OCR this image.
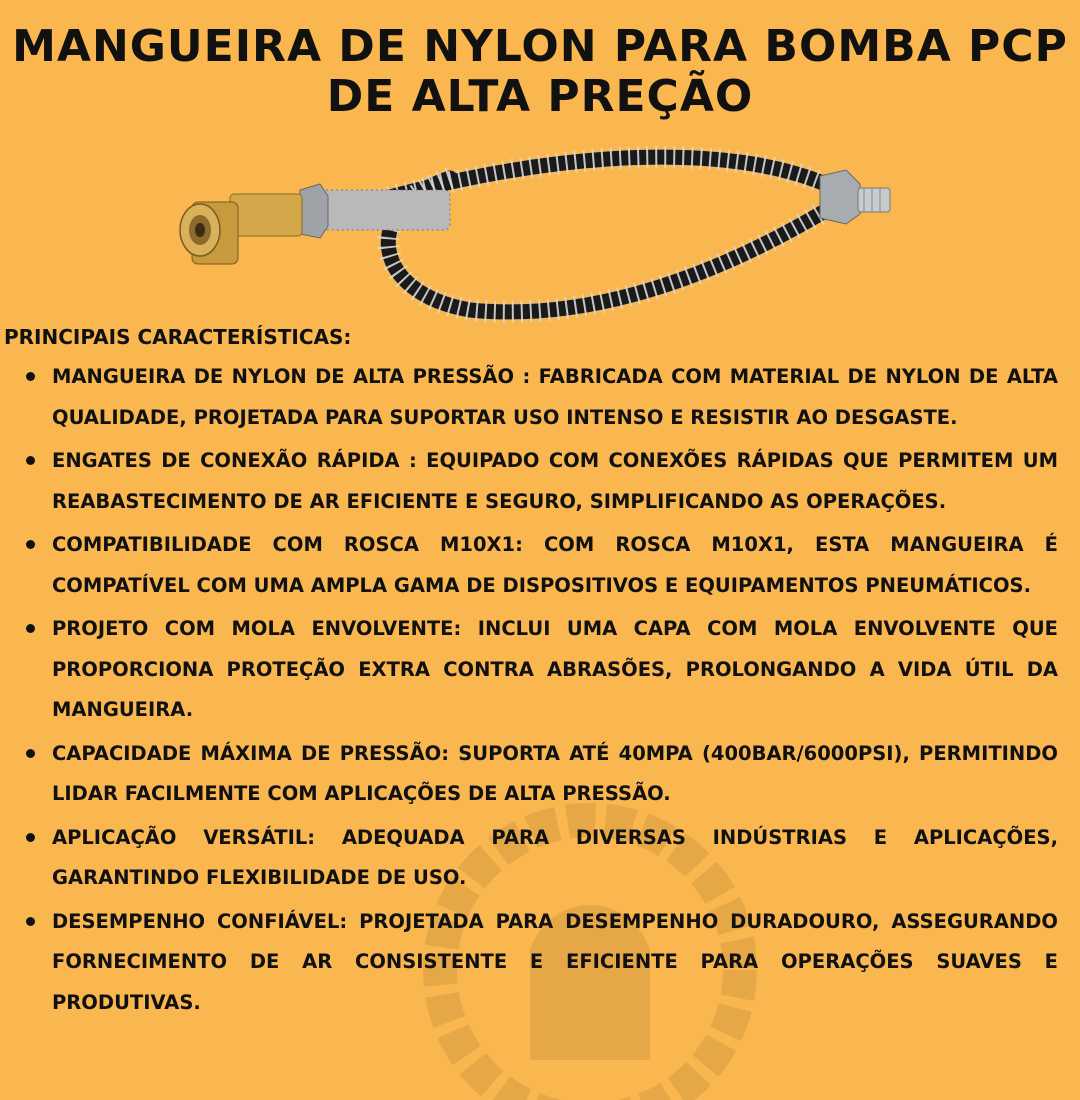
MANGUEIRA DE NYLON PARA BOMBA PCP DE ALTA PREÇÃO
PRINCIPAIS CARACTERÍSTICAS:
MANGUEIRA DE NYLON DE ALTA PRESSÃO : FABRICADA COM MATERIAL DE NYLON DE ALTA QUALIDADE, PROJETADA PARA SUPORTAR USO INTENSO E RESISTIR AO DESGASTE.
ENGATES DE CONEXÃO RÁPIDA : EQUIPADO COM CONEXÕES RÁPIDAS QUE PERMITEM UM REABASTECIMENTO DE AR EFICIENTE E SEGURO, SIMPLIFICANDO AS OPERAÇÕES.
COMPATIBILIDADE COM ROSCA M10X1: COM ROSCA M10X1, ESTA MANGUEIRA É COMPATÍVEL COM UMA AMPLA GAMA DE DISPOSITIVOS E EQUIPAMENTOS PNEUMÁTICOS.
PROJETO COM MOLA ENVOLVENTE: INCLUI UMA CAPA COM MOLA ENVOLVENTE QUE PROPORCIONA PROTEÇÃO EXTRA CONTRA ABRASÕES, PROLONGANDO A VIDA ÚTIL DA MANGUEIRA.
CAPACIDADE MÁXIMA DE PRESSÃO: SUPORTA ATÉ 40MPA (400BAR/6000PSI), PERMITINDO LIDAR FACILMENTE COM APLICAÇÕES DE ALTA PRESSÃO.
APLICAÇÃO VERSÁTIL: ADEQUADA PARA DIVERSAS INDÚSTRIAS E APLICAÇÕES, GARANTINDO FLEXIBILIDADE DE USO.
DESEMPENHO CONFIÁVEL: PROJETADA PARA DESEMPENHO DURADOURO, ASSEGURANDO FORNECIMENTO DE AR CONSISTENTE E EFICIENTE PARA OPERAÇÕES SUAVES E PRODUTIVAS.
